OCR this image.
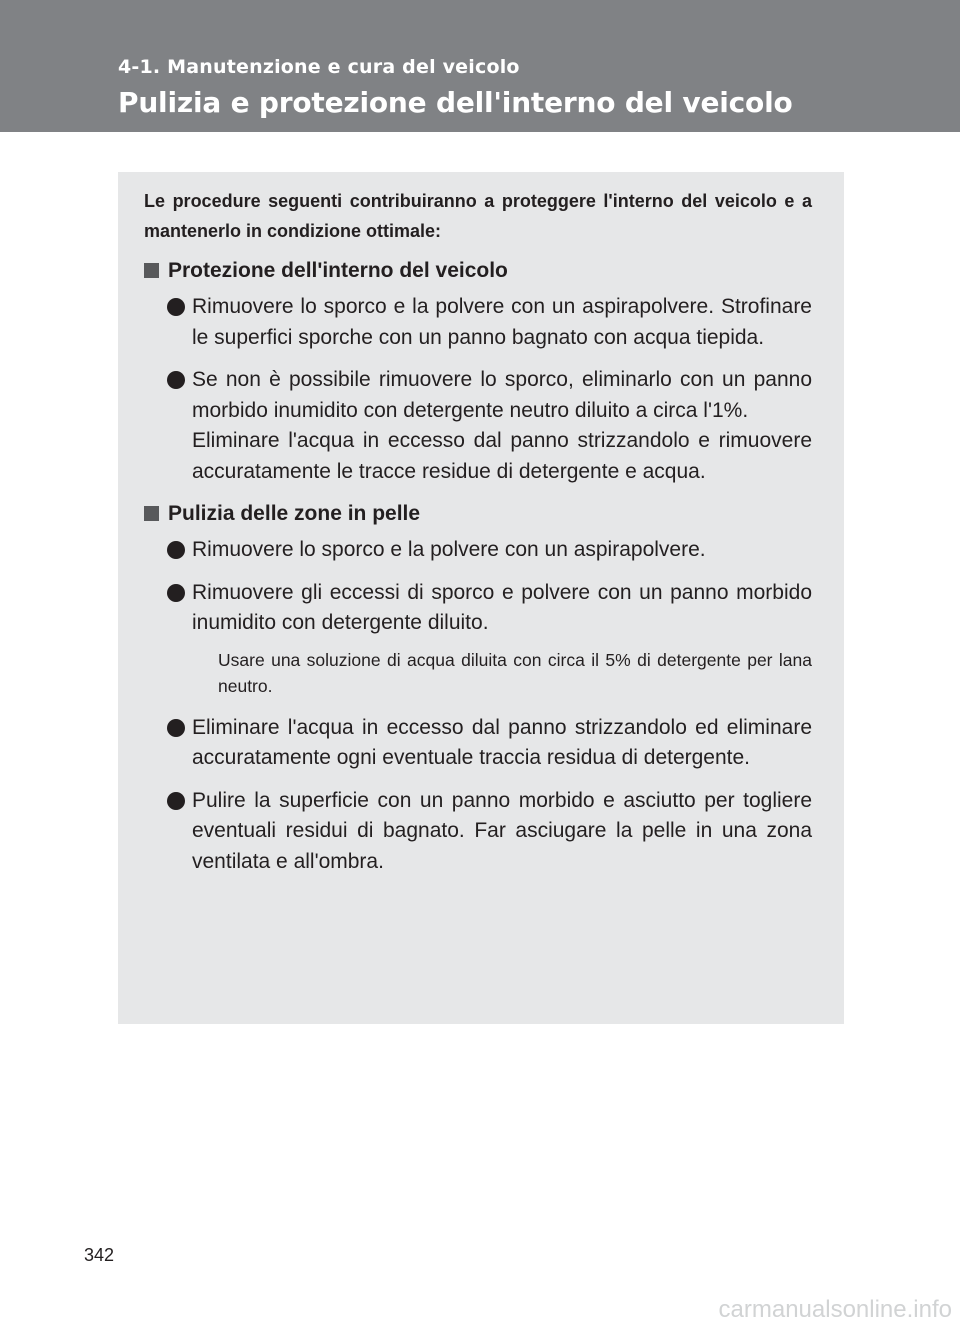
4-1. Manutenzione e cura del veicolo
Pulizia e protezione dell'interno del veicolo

Le procedure seguenti contribuiranno a proteggere l'interno del veicolo e a mantenerlo in condizione ottimale:

Protezione dell'interno del veicolo

Rimuovere lo sporco e la polvere con un aspirapolvere. Strofinare le superfici sporche con un panno bagnato con acqua tiepida.

Se non è possibile rimuovere lo sporco, eliminarlo con un panno morbido inumidito con detergente neutro diluito a circa l'1%.

Eliminare l'acqua in eccesso dal panno strizzandolo e rimuovere accuratamente le tracce residue di detergente e acqua.

Pulizia delle zone in pelle

Rimuovere lo sporco e la polvere con un aspirapolvere.

Rimuovere gli eccessi di sporco e polvere con un panno morbido inumidito con detergente diluito.

Usare una soluzione di acqua diluita con circa il 5% di detergente per lana neutro.

Eliminare l'acqua in eccesso dal panno strizzandolo ed eliminare accuratamente ogni eventuale traccia residua di detergente.

Pulire la superficie con un panno morbido e asciutto per togliere eventuali residui di bagnato. Far asciugare la pelle in una zona ventilata e all'ombra.

342
carmanualsonline.info
